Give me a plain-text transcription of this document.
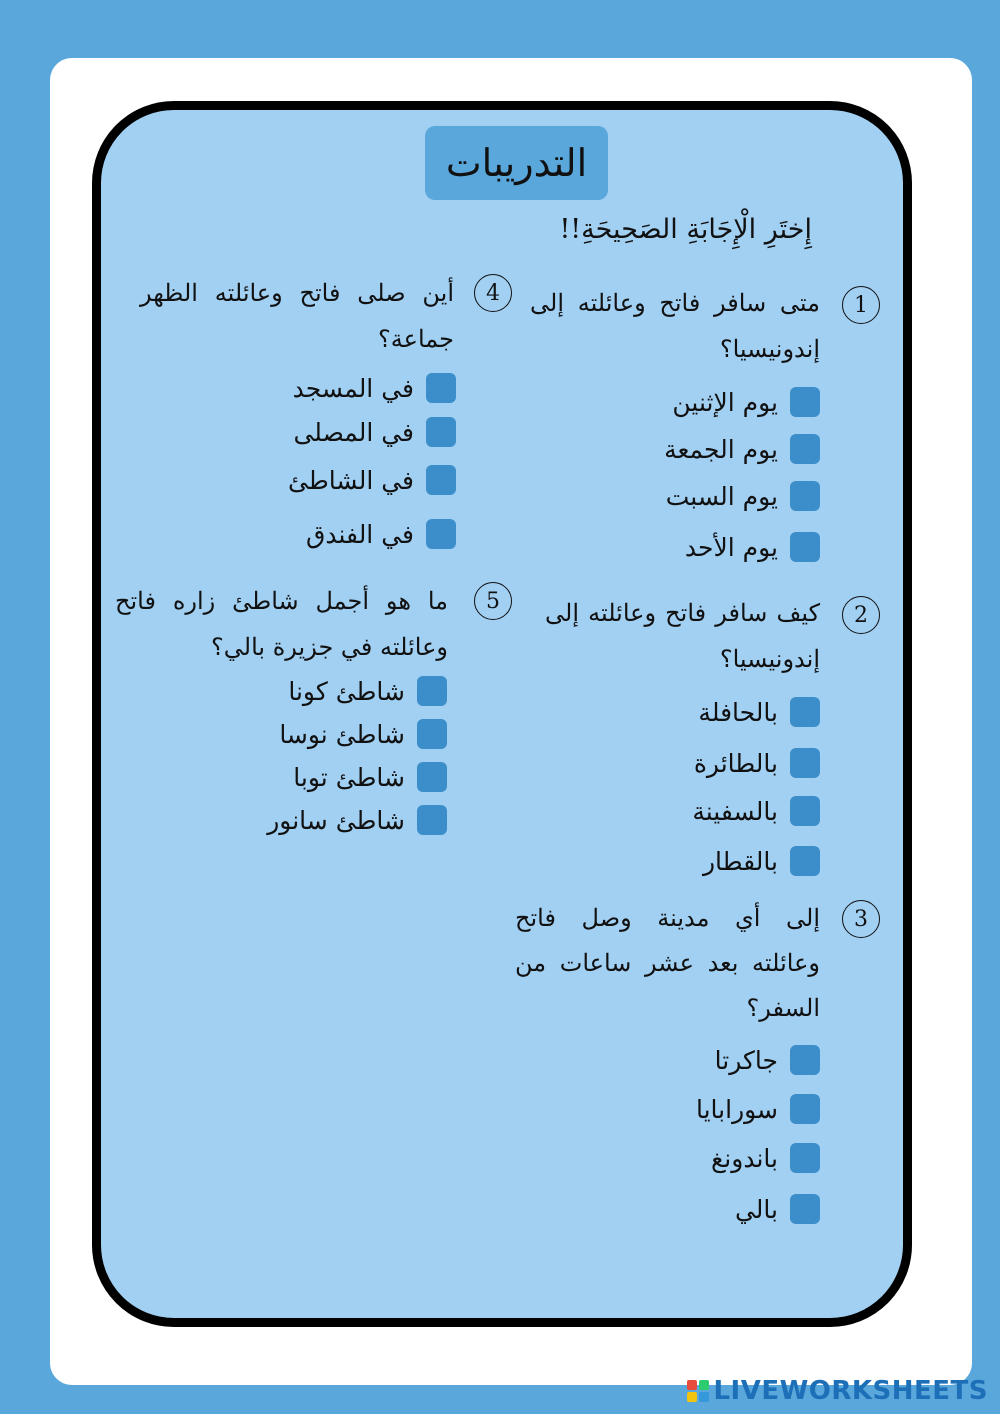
التدريبات
إِختَرِ الْإِجَابَةِ الصَحِيحَةِ!!
1
متى سافر فاتح وعائلته إلى إندونيسيا؟
يوم الإثنين
يوم الجمعة
يوم السبت
يوم الأحد
2
كيف سافر فاتح وعائلته إلى إندونيسيا؟
بالحافلة
بالطائرة
بالسفينة
بالقطار
3
إلى أي مدينة وصل فاتح وعائلته بعد عشر ساعات من السفر؟
جاكرتا
سورابايا
باندونغ
بالي
4
أين صلى فاتح وعائلته الظهر جماعة؟
في المسجد
في المصلى
في الشاطئ
في الفندق
5
ما هو أجمل شاطئ زاره فاتح وعائلته في جزيرة بالي؟
شاطئ كونا
شاطئ نوسا
شاطئ توبا
شاطئ سانور
LIVEWORKSHEETS
